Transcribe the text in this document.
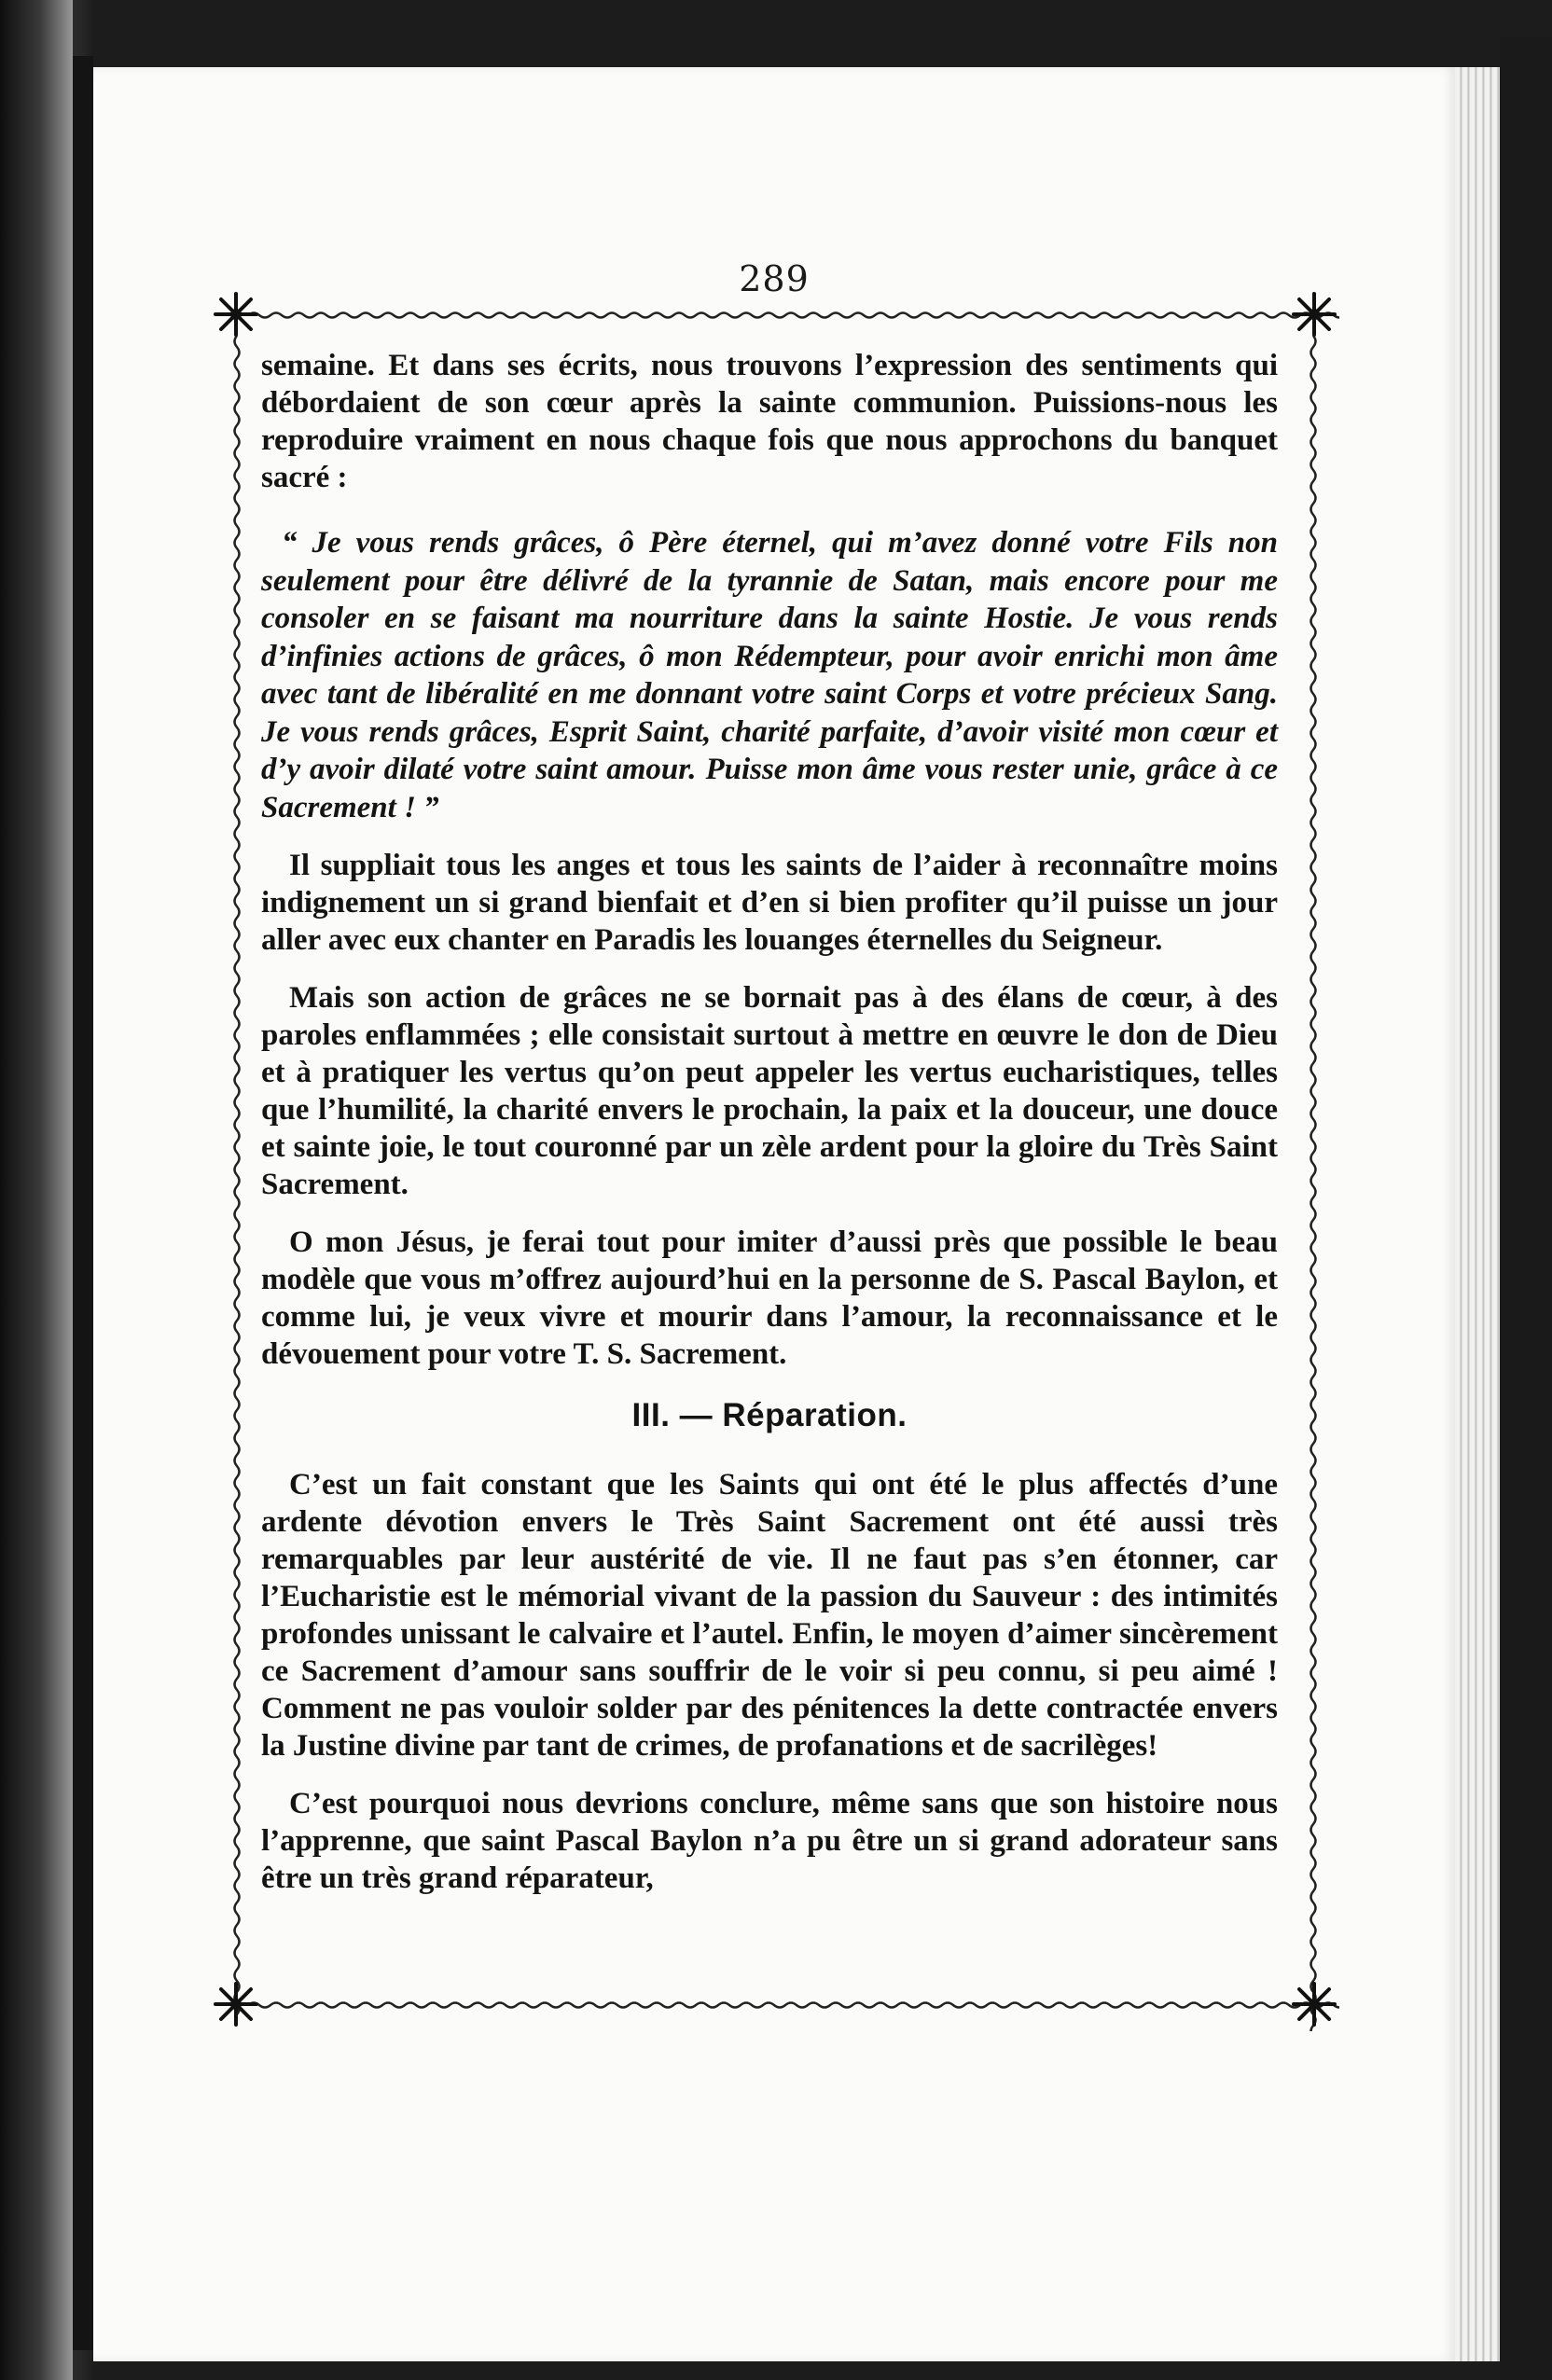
289

semaine. Et dans ses écrits, nous trouvons l’expression des sentiments qui débordaient de son cœur après la sainte communion. Puissions-nous les reproduire vraiment en nous chaque fois que nous approchons du banquet sacré :

“ Je vous rends grâces, ô Père éternel, qui m’avez donné votre Fils non seulement pour être délivré de la tyrannie de Satan, mais encore pour me consoler en se faisant ma nourriture dans la sainte Hostie. Je vous rends d’infinies actions de grâces, ô mon Rédempteur, pour avoir enrichi mon âme avec tant de libéralité en me donnant votre saint Corps et votre précieux Sang. Je vous rends grâces, Esprit Saint, charité parfaite, d’avoir visité mon cœur et d’y avoir dilaté votre saint amour. Puisse mon âme vous rester unie, grâce à ce Sacrement ! ”

Il suppliait tous les anges et tous les saints de l’aider à reconnaître moins indignement un si grand bienfait et d’en si bien profiter qu’il puisse un jour aller avec eux chanter en Paradis les louanges éternelles du Seigneur.

Mais son action de grâces ne se bornait pas à des élans de cœur, à des paroles enflammées ; elle consistait surtout à mettre en œuvre le don de Dieu et à pratiquer les vertus qu’on peut appeler les vertus eucharistiques, telles que l’humilité, la charité envers le prochain, la paix et la douceur, une douce et sainte joie, le tout couronné par un zèle ardent pour la gloire du Très Saint Sacrement.

O mon Jésus, je ferai tout pour imiter d’aussi près que possible le beau modèle que vous m’offrez aujourd’hui en la personne de S. Pascal Baylon, et comme lui, je veux vivre et mourir dans l’amour, la reconnaissance et le dévouement pour votre T. S. Sacrement.

III. — Réparation.

C’est un fait constant que les Saints qui ont été le plus affectés d’une ardente dévotion envers le Très Saint Sacrement ont été aussi très remarquables par leur austérité de vie. Il ne faut pas s’en étonner, car l’Eucharistie est le mémorial vivant de la passion du Sauveur : des intimités profondes unissant le calvaire et l’autel. Enfin, le moyen d’aimer sincèrement ce Sacrement d’amour sans souffrir de le voir si peu connu, si peu aimé ! Comment ne pas vouloir solder par des pénitences la dette contractée envers la Justine divine par tant de crimes, de profanations et de sacrilèges!

C’est pourquoi nous devrions conclure, même sans que son histoire nous l’apprenne, que saint Pascal Baylon n’a pu être un si grand adorateur sans être un très grand réparateur,
